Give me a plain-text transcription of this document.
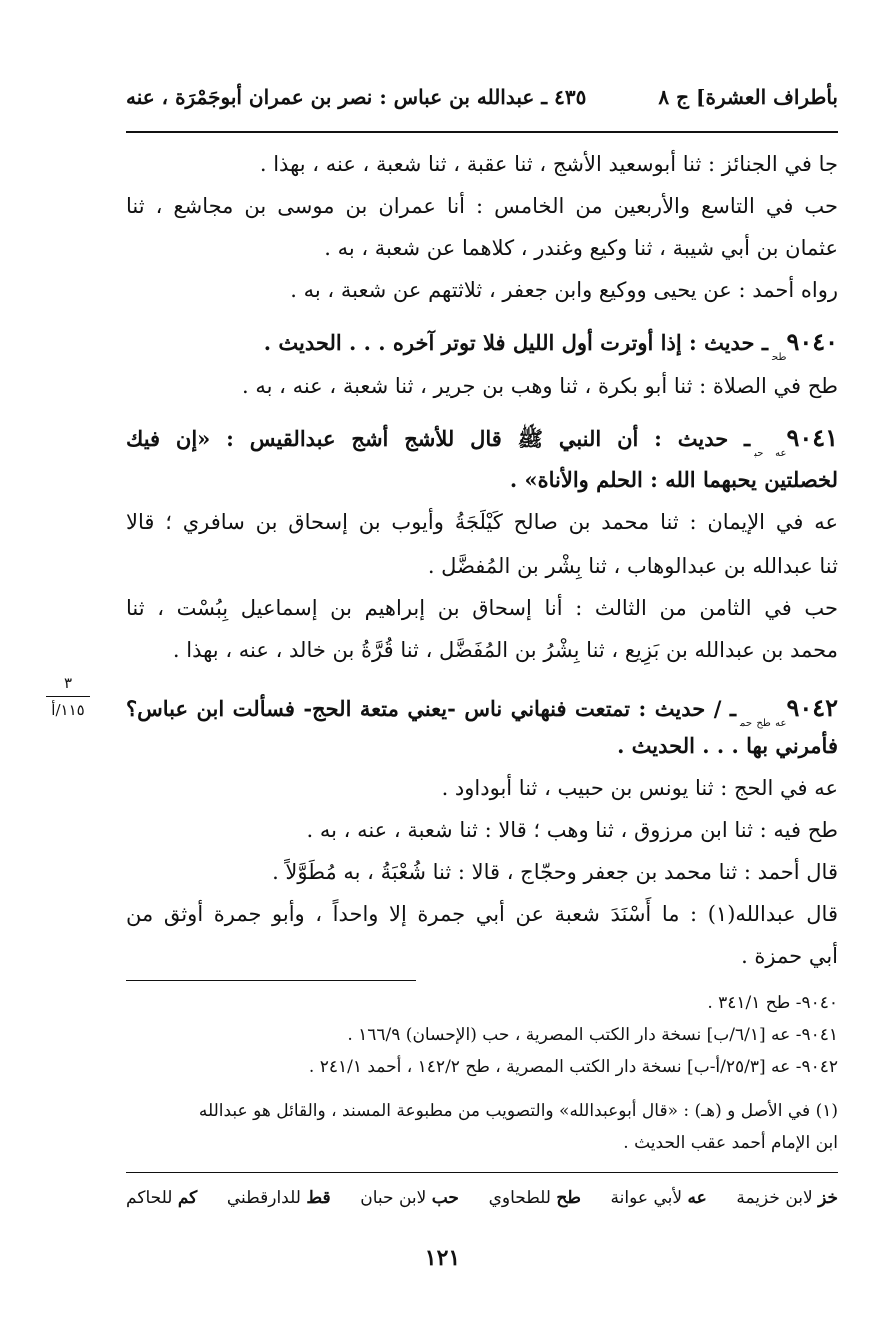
بأطراف العشرة] ج ٨
٤٣٥ ـ عبدالله بن عباس : نصر بن عمران أبوجَمْرَة ، عنه
جا في الجنائز : ثنا أبوسعيد الأشج ، ثنا عقبة ، ثنا شعبة ، عنه ، بهذا .
حب في التاسع والأربعين من الخامس : أنا عمران بن موسى بن مجاشع ، ثنا
عثمان بن أبي شيبة ، ثنا وكيع وغندر ، كلاهما عن شعبة ، به .
رواه أحمد : عن يحيى ووكيع وابن جعفر ، ثلاثتهم عن شعبة ، به .
$٩٠٤٠_{طح}ـ$ حديث : إذا أوترت أول الليل فلا توتر آخره . . . الحديث .
طح في الصلاة : ثنا أبو بكرة ، ثنا وهب بن جرير ، ثنا شعبة ، عنه ، به .
$٩٠٤١_{عه حب}ـ$ حديث : أن النبي ﷺ قال للأشج أشج عبدالقيس : «إن فيك
لخصلتين يحبهما الله : الحلم والأناة» .
عه في الإيمان : ثنا محمد بن صالح كَيْلَجَةُ وأيوب بن إسحاق بن سافري ؛ قالا
ثنا عبدالله بن عبدالوهاب ، ثنا بِشْر بن المُفضَّل .
حب في الثامن من الثالث : أنا إسحاق بن إبراهيم بن إسماعيل بِبُسْت ، ثنا
محمد بن عبدالله بن بَزِيع ، ثنا بِشْرُ بن المُفَضَّل ، ثنا قُرَّةُ بن خالد ، عنه ، بهذا .
٣
١١٥/أ	$٩٠٤٢_{عه طح حم}ـ$ / حديث : تمتعت فنهاني ناس -يعني متعة الحج- فسألت ابن عباس؟
فأمرني بها . . . الحديث .
عه في الحج : ثنا يونس بن حبيب ، ثنا أبوداود .
طح فيه : ثنا ابن مرزوق ، ثنا وهب ؛ قالا : ثنا شعبة ، عنه ، به .
قال أحمد : ثنا محمد بن جعفر وحجّاج ، قالا : ثنا شُعْبَةُ ، به مُطَوَّلاً .
قال عبدالله(١) : ما أَسْنَدَ شعبة عن أبي جمرة إلا واحداً ، وأبو جمرة أوثق من
أبي حمزة .
٩٠٤٠- طح ٣٤١/١ .
٩٠٤١- عه [٦/١/ب] نسخة دار الكتب المصرية ، حب (الإحسان) ١٦٦/٩ .
٩٠٤٢- عه [٢٥/٣/أ-ب] نسخة دار الكتب المصرية ، طح ١٤٢/٢ ، أحمد ٢٤١/١ .
(١) في الأصل و (هـ) : «قال أبوعبدالله» والتصويب من مطبوعة المسند ، والقائل هو عبدالله
ابن الإمام أحمد عقب الحديث .
خز لابن خزيمة
عه لأبي عوانة
طح للطحاوي
حب لابن حبان
قط للدارقطني
كم للحاكم
١٢١
